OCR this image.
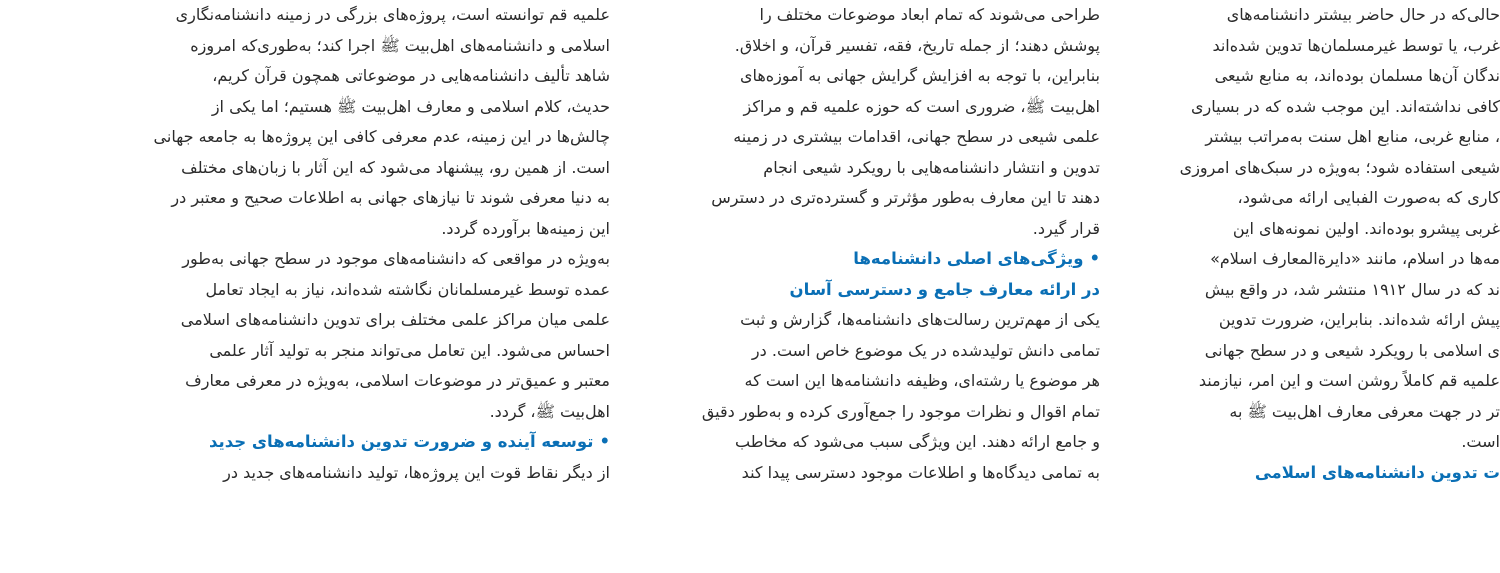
علمیه قم توانسته است، پروژه‌های بزرگی در زمینه دانشنامه‌نگاری
اسلامی و دانشنامه‌های اهل‌بیت ﷺ اجرا کند؛ به‌طوری‌که امروزه
شاهد تألیف دانشنامه‌هایی در موضوعاتی همچون قرآن کریم،
حدیث، کلام اسلامی و معارف اهل‌بیت ﷺ هستیم؛ اما یکی از
چالش‌ها در این زمینه، عدم معرفی کافی این پروژه‌ها به جامعه جهانی
است. از همین رو، پیشنهاد می‌شود که این آثار با زبان‌های مختلف
به دنیا معرفی شوند تا نیازهای جهانی به اطلاعات صحیح و معتبر در
این زمینه‌ها برآورده گردد.
به‌ویژه در مواقعی که دانشنامه‌های موجود در سطح جهانی به‌طور
عمده توسط غیرمسلمانان نگاشته شده‌اند، نیاز به ایجاد تعامل
علمی میان مراکز علمی مختلف برای تدوین دانشنامه‌های اسلامی
احساس می‌شود. این تعامل می‌تواند منجر به تولید آثار علمی
معتبر و عمیق‌تر در موضوعات اسلامی، به‌ویژه در معرفی معارف
اهل‌بیت ﷺ، گردد.
•توسعه آینده و ضرورت تدوین دانشنامه‌های جدید
از دیگر نقاط قوت این پروژه‌ها، تولید دانشنامه‌های جدید در
طراحی می‌شوند که تمام ابعاد موضوعات مختلف را
پوشش دهند؛ از جمله تاریخ، فقه، تفسیر قرآن، و اخلاق.
بنابراین، با توجه به افزایش گرایش جهانی به آموزه‌های
اهل‌بیت ﷺ، ضروری است که حوزه علمیه قم و مراکز
علمی شیعی در سطح جهانی، اقدامات بیشتری در زمینه
تدوین و انتشار دانشنامه‌هایی با رویکرد شیعی انجام
دهند تا این معارف به‌طور مؤثرتر و گسترده‌تری در دسترس
قرار گیرد.
•ویژگی‌های اصلی دانشنامه‌ها
در ارائه معارف جامع و دسترسی آسان
یکی از مهم‌ترین رسالت‌های دانشنامه‌ها، گزارش و ثبت
تمامی دانش تولیدشده در یک موضوع خاص است. در
هر موضوع یا رشته‌ای، وظیفه دانشنامه‌ها این است که
تمام اقوال و نظرات موجود را جمع‌آوری کرده و به‌طور دقیق
و جامع ارائه دهند. این ویژگی سبب می‌شود که مخاطب
به تمامی دیدگاه‌ها و اطلاعات موجود دسترسی پیدا کند
حالی‌که در حال حاضر بیشتر دانشنامه‌های
غرب، یا توسط غیرمسلمان‌ها تدوین شده‌اند
ندگان آن‌ها مسلمان بوده‌اند، به منابع شیعی
کافی نداشته‌اند. این موجب شده که در بسیاری
، منابع غربی، منابع اهل سنت به‌مراتب بیشتر
شیعی استفاده شود؛ به‌ویژه در سبک‌های امروزی
کاری که به‌صورت الفبایی ارائه می‌شود،
غربی پیشرو بوده‌اند. اولین نمونه‌های این
مه‌ها در اسلام، مانند «دایرة‌المعارف اسلام»
ند که در سال ۱۹۱۲ منتشر شد، در واقع بیش
پیش ارائه شده‌اند. بنابراین، ضرورت تدوین
ی اسلامی با رویکرد شیعی و در سطح جهانی
علمیه قم کاملاً روشن است و این امر، نیازمند
‌تر در جهت معرفی معارف اهل‌بیت ﷺ به
است.
ت تدوین دانشنامه‌های اسلامی
